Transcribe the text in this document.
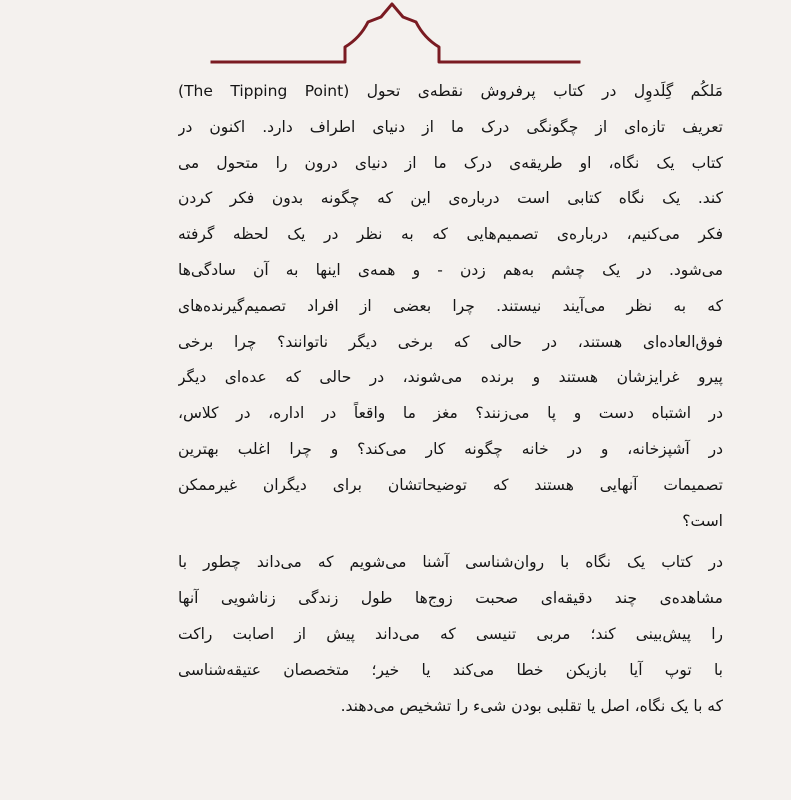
مَلکُم گِلَدوِل در کتاب پرفروش نقطه‌ی تحول (The Tipping Point)
تعریف تازه‌ای از چگونگی درک ما از دنیای اطراف دارد. اکنون در
کتاب یک نگاه، او طریقه‌ی درک ما از دنیای درون را متحول می
کند. یک نگاه کتابی است درباره‌ی این که چگونه بدون فکر کردن
فکر می‌کنیم، درباره‌ی تصمیم‌هایی که به نظر در یک لحظه گرفته
می‌شود. در یک چشم به‌هم زدن - و همه‌ی اینها به آن سادگی‌ها
که به نظر می‌آیند نیستند. چرا بعضی از افراد تصمیم‌گیرنده‌های
فوق‌العاده‌ای هستند، در حالی که برخی دیگر ناتوانند؟ چرا برخی
پیرو غرایزشان هستند و برنده می‌شوند، در حالی که عده‌ای دیگر
در اشتباه دست و پا می‌زنند؟ مغز ما واقعاً در اداره، در کلاس،
در آشپزخانه، و در خانه چگونه کار می‌کند؟ و چرا اغلب بهترین
تصمیمات آنهایی هستند که توضیحاتشان برای دیگران غیرممکن
است؟
در کتاب یک نگاه با روان‌شناسی آشنا می‌شویم که می‌داند چطور با
مشاهده‌ی چند دقیقه‌ای صحبت زوج‌ها طول زندگی زناشویی آنها
را پیش‌بینی کند؛ مربی تنیسی که می‌داند پیش از اصابت راکت
با توپ آیا بازیکن خطا می‌کند یا خیر؛ متخصصان عتیقه‌شناسی
که با یک نگاه، اصل یا تقلبی بودن شیء را تشخیص می‌دهند.
